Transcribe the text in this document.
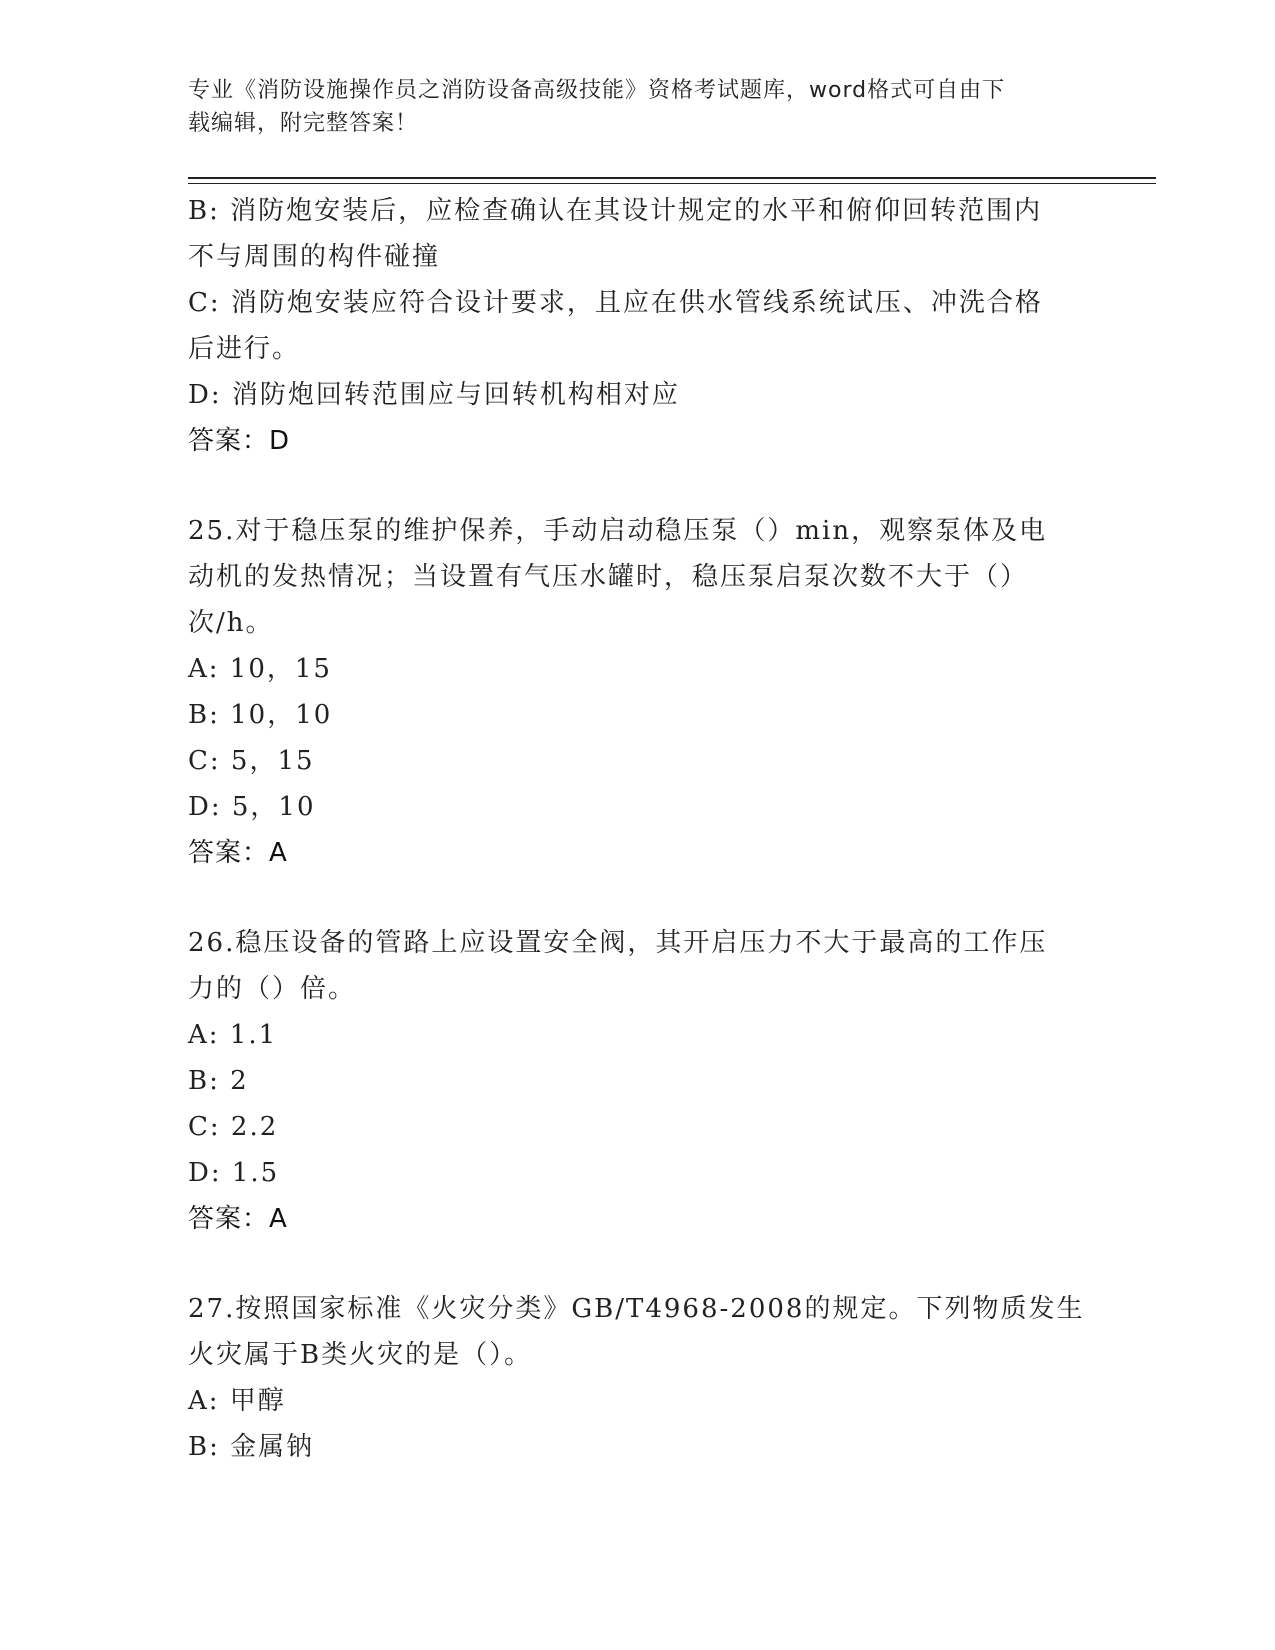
专业《消防设施操作员之消防设备高级技能》资格考试题库，word格式可自由下
载编辑，附完整答案！
B: 消防炮安装后，应检查确认在其设计规定的水平和俯仰回转范围内
不与周围的构件碰撞
C: 消防炮安装应符合设计要求，且应在供水管线系统试压、冲洗合格
后进行。
D: 消防炮回转范围应与回转机构相对应
答案：D
25.对于稳压泵的维护保养，手动启动稳压泵（）min，观察泵体及电
动机的发热情况；当设置有气压水罐时，稳压泵启泵次数不大于（）
次/h。
A: 10，15
B: 10，10
C: 5，15
D: 5，10
答案：A
26.稳压设备的管路上应设置安全阀，其开启压力不大于最高的工作压
力的（）倍。
A: 1.1
B: 2
C: 2.2
D: 1.5
答案：A
27.按照国家标准《火灾分类》GB/T4968-2008的规定。下列物质发生
火灾属于B类火灾的是（）。
A: 甲醇
B: 金属钠
